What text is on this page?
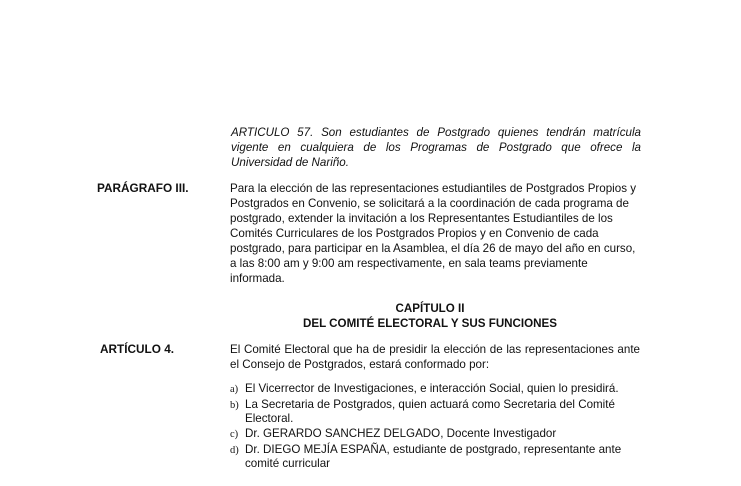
ARTICULO 57. Son estudiantes de Postgrado quienes tendrán matrícula vigente en cualquiera de los Programas de Postgrado que ofrece la Universidad de Nariño.

PARÁGRAFO III.	Para la elección de las representaciones estudiantiles de Postgrados Propios y Postgrados en Convenio, se solicitará a la coordinación de cada programa de postgrado, extender la invitación a los Representantes Estudiantiles de los Comités Curriculares de los Postgrados Propios y en Convenio de cada postgrado, para participar en la Asamblea, el día 26 de mayo del año en curso, a las 8:00 am y 9:00 am respectivamente, en sala teams previamente informada.

CAPÍTULO II
DEL COMITÉ ELECTORAL Y SUS FUNCIONES
ARTÍCULO 4.	El Comité Electoral que ha de presidir la elección de las representaciones ante el Consejo de Postgrados, estará conformado por:

a) El Vicerrector de Investigaciones, e interacción Social, quien lo presidirá.
b) La Secretaria de Postgrados, quien actuará como Secretaria del Comité Electoral.
c) Dr. GERARDO SANCHEZ DELGADO, Docente Investigador
d) Dr. DIEGO MEJÍA ESPAÑA, estudiante de postgrado, representante ante comité curricular
